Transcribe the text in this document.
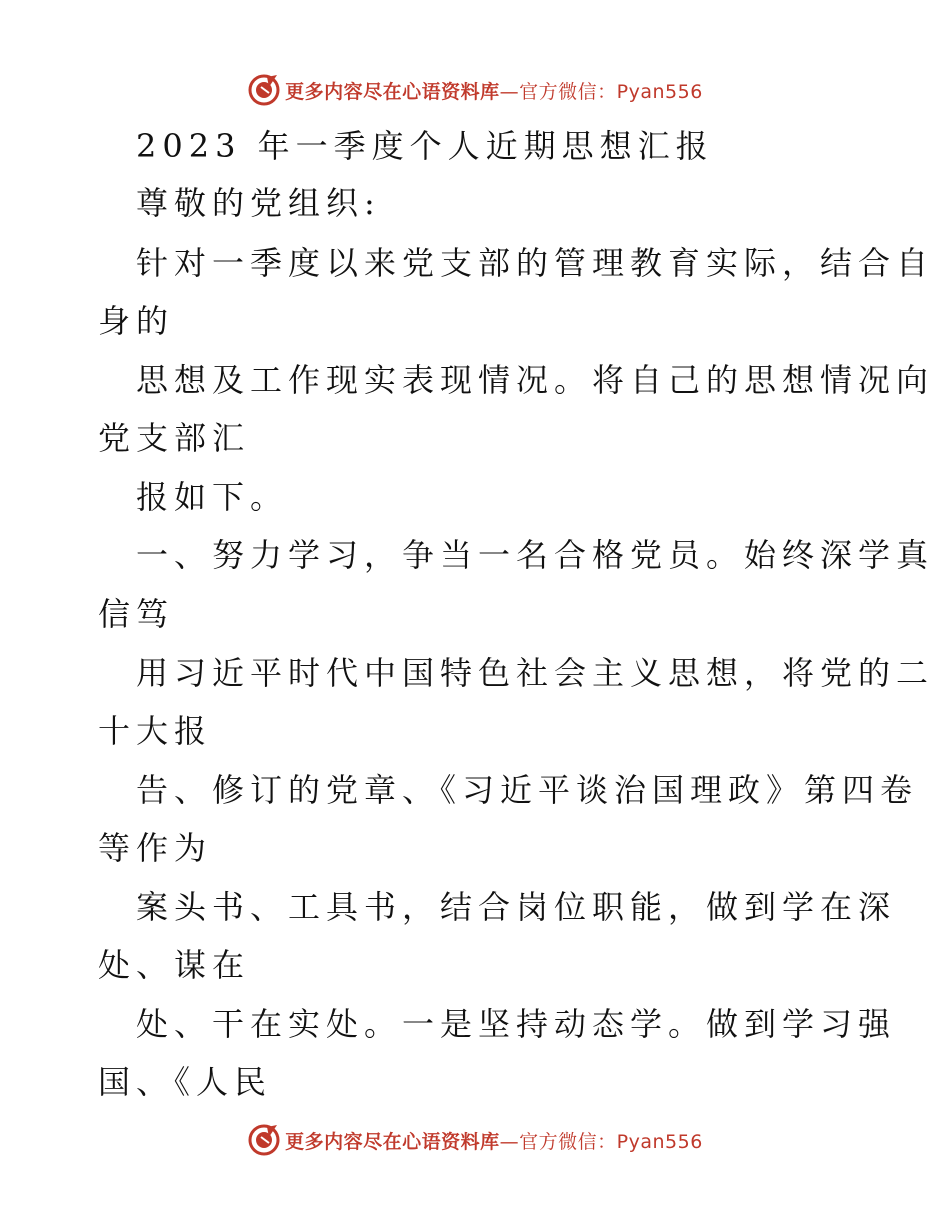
更多内容尽在心语资料库—官方微信：Pyan556
2023 年一季度个人近期思想汇报
尊敬的党组织:
针对一季度以来党支部的管理教育实际，结合自
身的
思想及工作现实表现情况。将自己的思想情况向
党支部汇
报如下。
一、努力学习，争当一名合格党员。始终深学真
信笃
用习近平时代中国特色社会主义思想，将党的二
十大报
告、修订的党章、《习近平谈治国理政》第四卷
等作为
案头书、工具书，结合岗位职能，做到学在深
处、谋在
处、干在实处。一是坚持动态学。做到学习强
国、《人民
更多内容尽在心语资料库—官方微信：Pyan556
